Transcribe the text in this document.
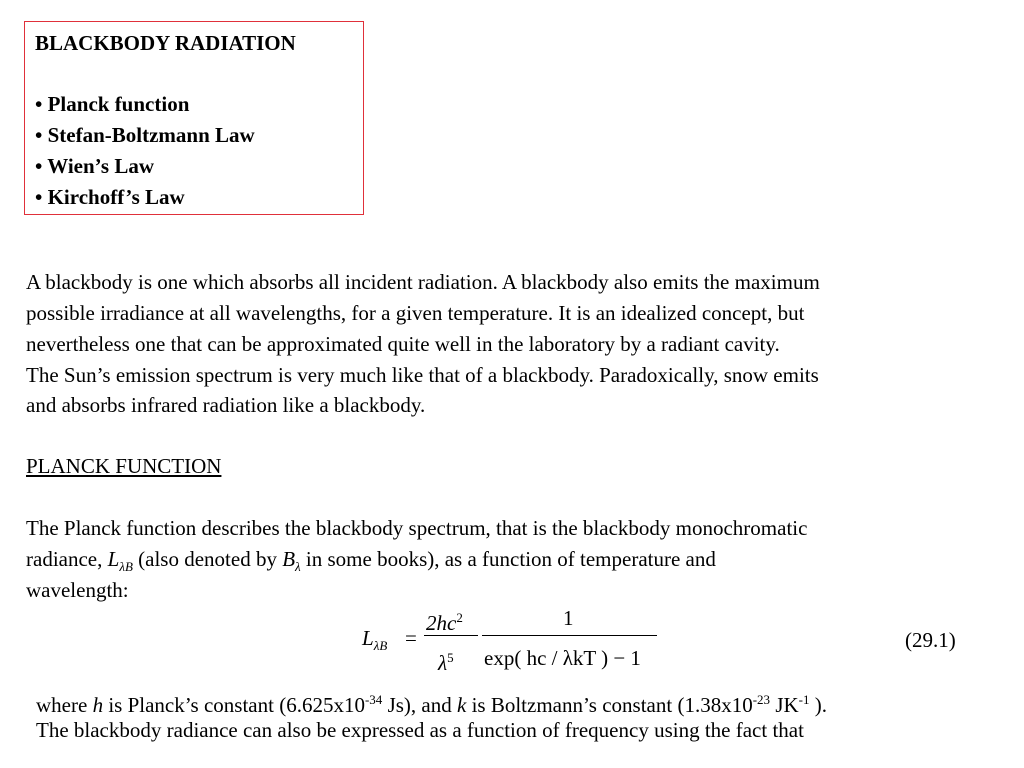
BLACKBODY RADIATION
• Planck function
• Stefan-Boltzmann Law
• Wien’s Law
• Kirchoff’s Law
A blackbody is one which absorbs all incident radiation. A blackbody also emits the maximum
possible irradiance at all wavelengths, for a given temperature. It is an idealized concept, but
nevertheless one that can be approximated quite well in the laboratory by a radiant cavity.
The Sun’s emission spectrum is very much like that of a blackbody. Paradoxically, snow emits
and absorbs infrared radiation like a blackbody.
PLANCK FUNCTION
The Planck function describes the blackbody spectrum, that is the blackbody monochromatic
radiance, $L_{\lambda B}$ (also denoted by $B_\lambda$ in some books), as a function of temperature and
wavelength:
$L_{\lambda B}$ =
$2hc^2$
$\lambda^5$
1
exp( hc / λkT ) − 1
(29.1)
where h is Planck’s constant ($6.625x10^{-34}$ Js), and k is Boltzmann’s constant ($1.38x10^{-23}$ $JK^{-1}$ ).
The blackbody radiance can also be expressed as a function of frequency using the fact that
